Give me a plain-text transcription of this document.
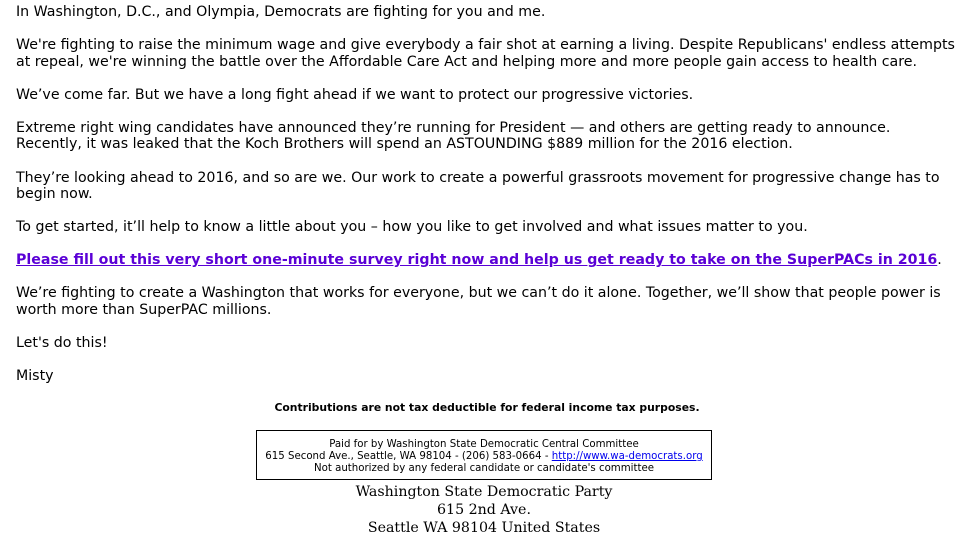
In Washington, D.C., and Olympia, Democrats are fighting for you and me.

We're fighting to raise the minimum wage and give everybody a fair shot at earning a living. Despite Republicans' endless attempts at repeal, we're winning the battle over the Affordable Care Act and helping more and more people gain access to health care.

We’ve come far. But we have a long fight ahead if we want to protect our progressive victories.

Extreme right wing candidates have announced they’re running for President — and others are getting ready to announce. Recently, it was leaked that the Koch Brothers will spend an ASTOUNDING $889 million for the 2016 election.

They’re looking ahead to 2016, and so are we. Our work to create a powerful grassroots movement for progressive change has to begin now.

To get started, it’ll help to know a little about you – how you like to get involved and what issues matter to you.

Please fill out this very short one-minute survey right now and help us get ready to take on the SuperPACs in 2016.

We’re fighting to create a Washington that works for everyone, but we can’t do it alone. Together, we’ll show that people power is worth more than SuperPAC millions.

Let's do this!

Misty

Contributions are not tax deductible for federal income tax purposes.
Paid for by Washington State Democratic Central Committee
615 Second Ave., Seattle, WA 98104 - (206) 583-0664 - http://www.wa-democrats.org
Not authorized by any federal candidate or candidate's committee
Washington State Democratic Party
615 2nd Ave.
Seattle WA 98104 United States
